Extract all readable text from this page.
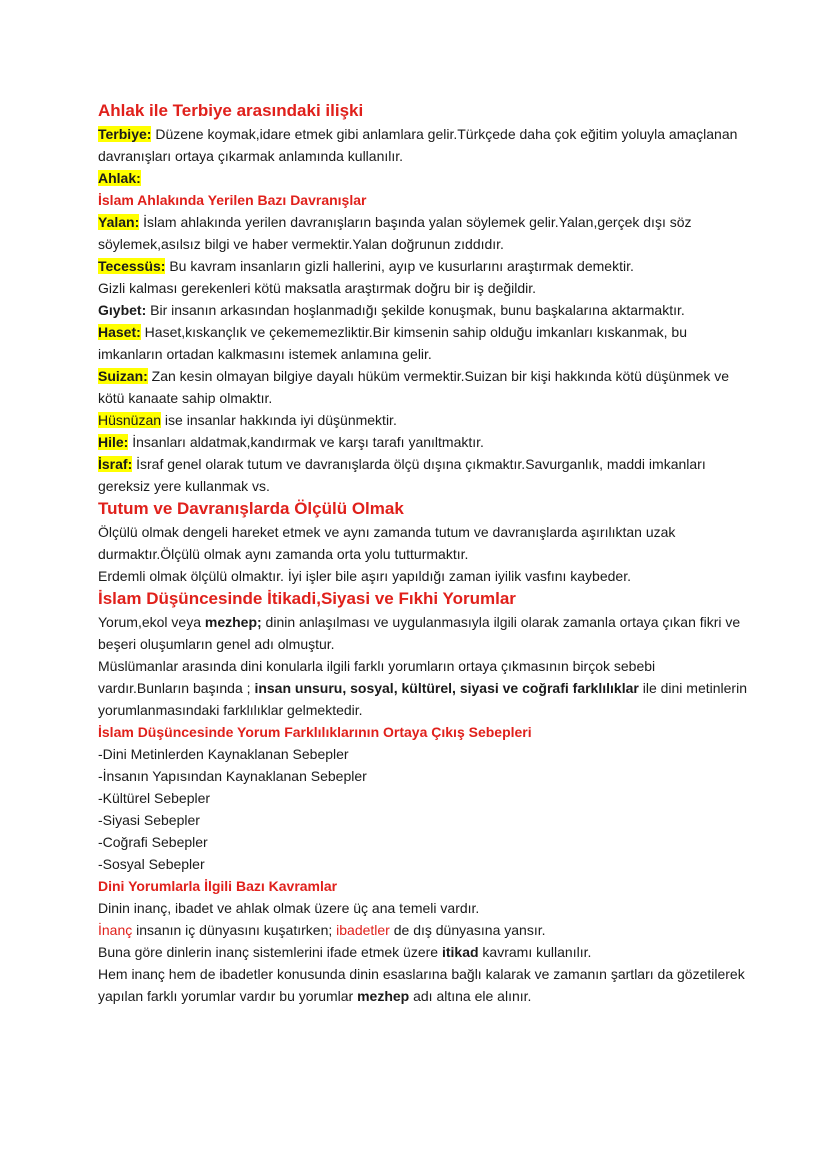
Ahlak ile Terbiye arasındaki ilişki

Terbiye: Düzene koymak,idare etmek gibi anlamlara gelir.Türkçede daha çok eğitim yoluyla amaçlanan davranışları ortaya çıkarmak anlamında kullanılır.

Ahlak:

İslam Ahlakında Yerilen Bazı Davranışlar

Yalan: İslam ahlakında yerilen davranışların başında yalan söylemek gelir.Yalan,gerçek dışı söz söylemek,asılsız bilgi ve haber vermektir.Yalan doğrunun zıddıdır.

Tecessüs: Bu kavram insanların gizli hallerini, ayıp ve kusurlarını araştırmak demektir.

Gizli kalması gerekenleri kötü maksatla araştırmak doğru bir iş değildir.

Gıybet: Bir insanın arkasından hoşlanmadığı şekilde konuşmak, bunu başkalarına aktarmaktır.

Haset: Haset,kıskançlık ve çekememezliktir.Bir kimsenin sahip olduğu imkanları kıskanmak, bu imkanların ortadan kalkmasını istemek anlamına gelir.

Suizan: Zan kesin olmayan bilgiye dayalı hüküm vermektir.Suizan bir kişi hakkında kötü düşünmek ve kötü kanaate sahip olmaktır.

Hüsnüzan ise insanlar hakkında iyi düşünmektir.

Hile: İnsanları aldatmak,kandırmak ve karşı tarafı yanıltmaktır.

İsraf: İsraf genel olarak tutum ve davranışlarda ölçü dışına çıkmaktır.Savurganlık, maddi imkanları gereksiz yere kullanmak vs.

Tutum ve Davranışlarda Ölçülü Olmak

Ölçülü olmak dengeli hareket etmek ve aynı zamanda tutum ve davranışlarda aşırılıktan uzak durmaktır.Ölçülü olmak aynı zamanda orta yolu tutturmaktır.

Erdemli olmak ölçülü olmaktır. İyi işler bile aşırı yapıldığı zaman iyilik vasfını kaybeder.

İslam Düşüncesinde İtikadi,Siyasi ve Fıkhi Yorumlar

Yorum,ekol veya mezhep; dinin anlaşılması ve uygulanmasıyla ilgili olarak zamanla ortaya çıkan fikri ve beşeri oluşumların genel adı olmuştur.

Müslümanlar arasında dini konularla ilgili farklı yorumların ortaya çıkmasının birçok sebebi vardır.Bunların başında ; insan unsuru, sosyal, kültürel, siyasi ve coğrafi farklılıklar ile dini metinlerin yorumlanmasındaki farklılıklar gelmektedir.

İslam Düşüncesinde Yorum Farklılıklarının Ortaya Çıkış Sebepleri

-Dini Metinlerden Kaynaklanan Sebepler

-İnsanın Yapısından Kaynaklanan Sebepler

-Kültürel Sebepler

-Siyasi Sebepler

-Coğrafi Sebepler

-Sosyal Sebepler

Dini Yorumlarla İlgili Bazı Kavramlar

Dinin inanç, ibadet ve ahlak olmak üzere üç ana temeli vardır.

İnanç insanın iç dünyasını kuşatırken; ibadetler de dış dünyasına yansır.

Buna göre dinlerin inanç sistemlerini ifade etmek üzere itikad kavramı kullanılır.

Hem inanç hem de ibadetler konusunda dinin esaslarına bağlı kalarak ve zamanın şartları da gözetilerek yapılan farklı yorumlar vardır bu yorumlar mezhep adı altına ele alınır.
